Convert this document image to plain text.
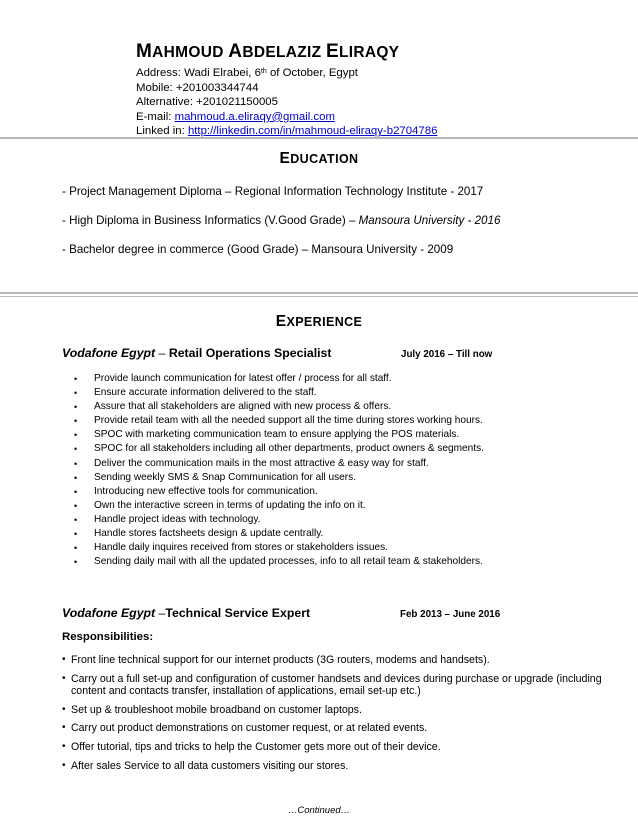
MAHMOUD ABDELAZIZ ELIRAQY
Address: Wadi Elrabei, 6th of October, Egypt
Mobile: +201003344744
Alternative: +201021150005
E-mail: mahmoud.a.eliraqy@gmail.com
Linked in: http://linkedin.com/in/mahmoud-eliraqy-b2704786
EDUCATION
- Project Management Diploma – Regional Information Technology Institute - 2017
- High Diploma in Business Informatics (V.Good Grade) – Mansoura University - 2016
- Bachelor degree in commerce (Good Grade) – Mansoura University - 2009
EXPERIENCE
Vodafone Egypt – Retail Operations Specialist	July 2016 – Till now
• Provide launch communication for latest offer / process for all staff.
• Ensure accurate information delivered to the staff.
• Assure that all stakeholders are aligned with new process & offers.
• Provide retail team with all the needed support all the time during stores working hours.
• SPOC with marketing communication team to ensure applying the POS materials.
• SPOC for all stakeholders including all other departments, product owners & segments.
• Deliver the communication mails in the most attractive & easy way for staff.
• Sending weekly SMS & Snap Communication for all users.
• Introducing new effective tools for communication.
• Own the interactive screen in terms of updating the info on it.
• Handle project ideas with technology.
• Handle stores factsheets design & update centrally.
• Handle daily inquires received from stores or stakeholders issues.
• Sending daily mail with all the updated processes, info to all retail team & stakeholders.
Vodafone Egypt –Technical Service Expert	Feb 2013 – June 2016
Responsibilities:
• Front line technical support for our internet products (3G routers, modems and handsets).
• Carry out a full set-up and configuration of customer handsets and devices during purchase or upgrade (including content and contacts transfer, installation of applications, email set-up etc.)
• Set up & troubleshoot mobile broadband on customer laptops.
• Carry out product demonstrations on customer request, or at related events.
• Offer tutorial, tips and tricks to help the Customer gets more out of their device.
• After sales Service to all data customers visiting our stores.
…Continued…
